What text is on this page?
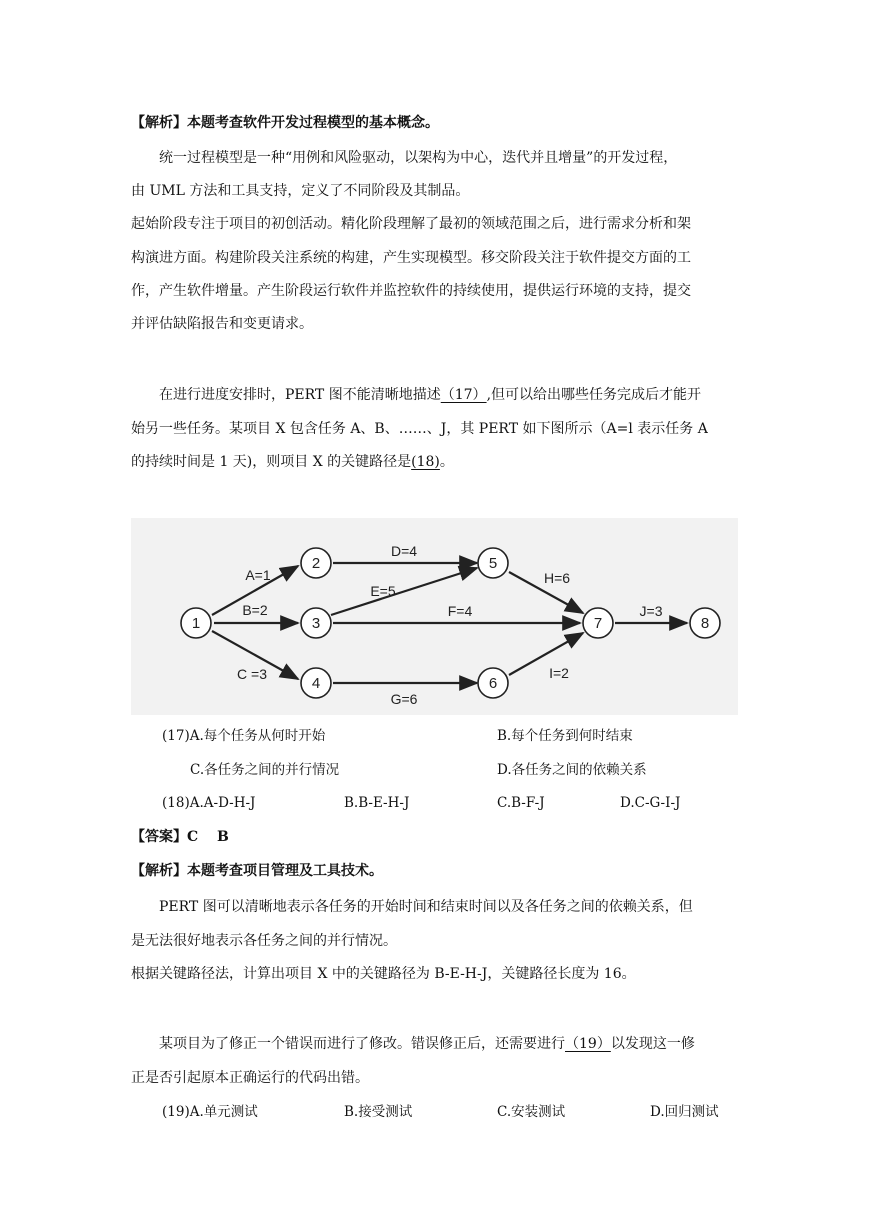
【解析】本题考查软件开发过程模型的基本概念。
统一过程模型是一种“用例和风险驱动，以架构为中心，迭代并且增量”的开发过程，
由 UML 方法和工具支持，定义了不同阶段及其制品。
起始阶段专注于项目的初创活动。精化阶段理解了最初的领域范围之后，进行需求分析和架
构演进方面。构建阶段关注系统的构建，产生实现模型。移交阶段关注于软件提交方面的工
作，产生软件增量。产生阶段运行软件并监控软件的持续使用，提供运行环境的支持，提交
并评估缺陷报告和变更请求。
在进行进度安排时，PERT 图不能清晰地描述（17）,但可以给出哪些任务完成后才能开
始另一些任务。某项目 X 包含任务 A、B、……、J，其 PERT 如下图所示（A=l 表示任务 A
的持续时间是 1 天)，则项目 X 的关键路径是(18)。
1
2
3
4
5
6
7	8
A=1
B=2
C =3
D=4
E=5
F=4
G=6
H=6
I=2
J=3
(17)A.每个任务从何时开始	B.每个任务到何时结束
C.各任务之间的并行情况	D.各任务之间的依赖关系
(18)A.A-D-H-J	B.B-E-H-J	C.B-F-J	D.C-G-I-J
【答案】C　 B
【解析】本题考查项目管理及工具技术。
PERT 图可以清晰地表示各任务的开始时间和结束时间以及各任务之间的依赖关系，但
是无法很好地表示各任务之间的并行情况。
根据关键路径法，计算出项目 X 中的关键路径为 B-E-H-J，关键路径长度为 16。
某项目为了修正一个错误而进行了修改。错误修正后，还需要进行（19）以发现这一修
正是否引起原本正确运行的代码出错。
(19)A.单元测试	B.接受测试	C.安装测试	D.回归测试
